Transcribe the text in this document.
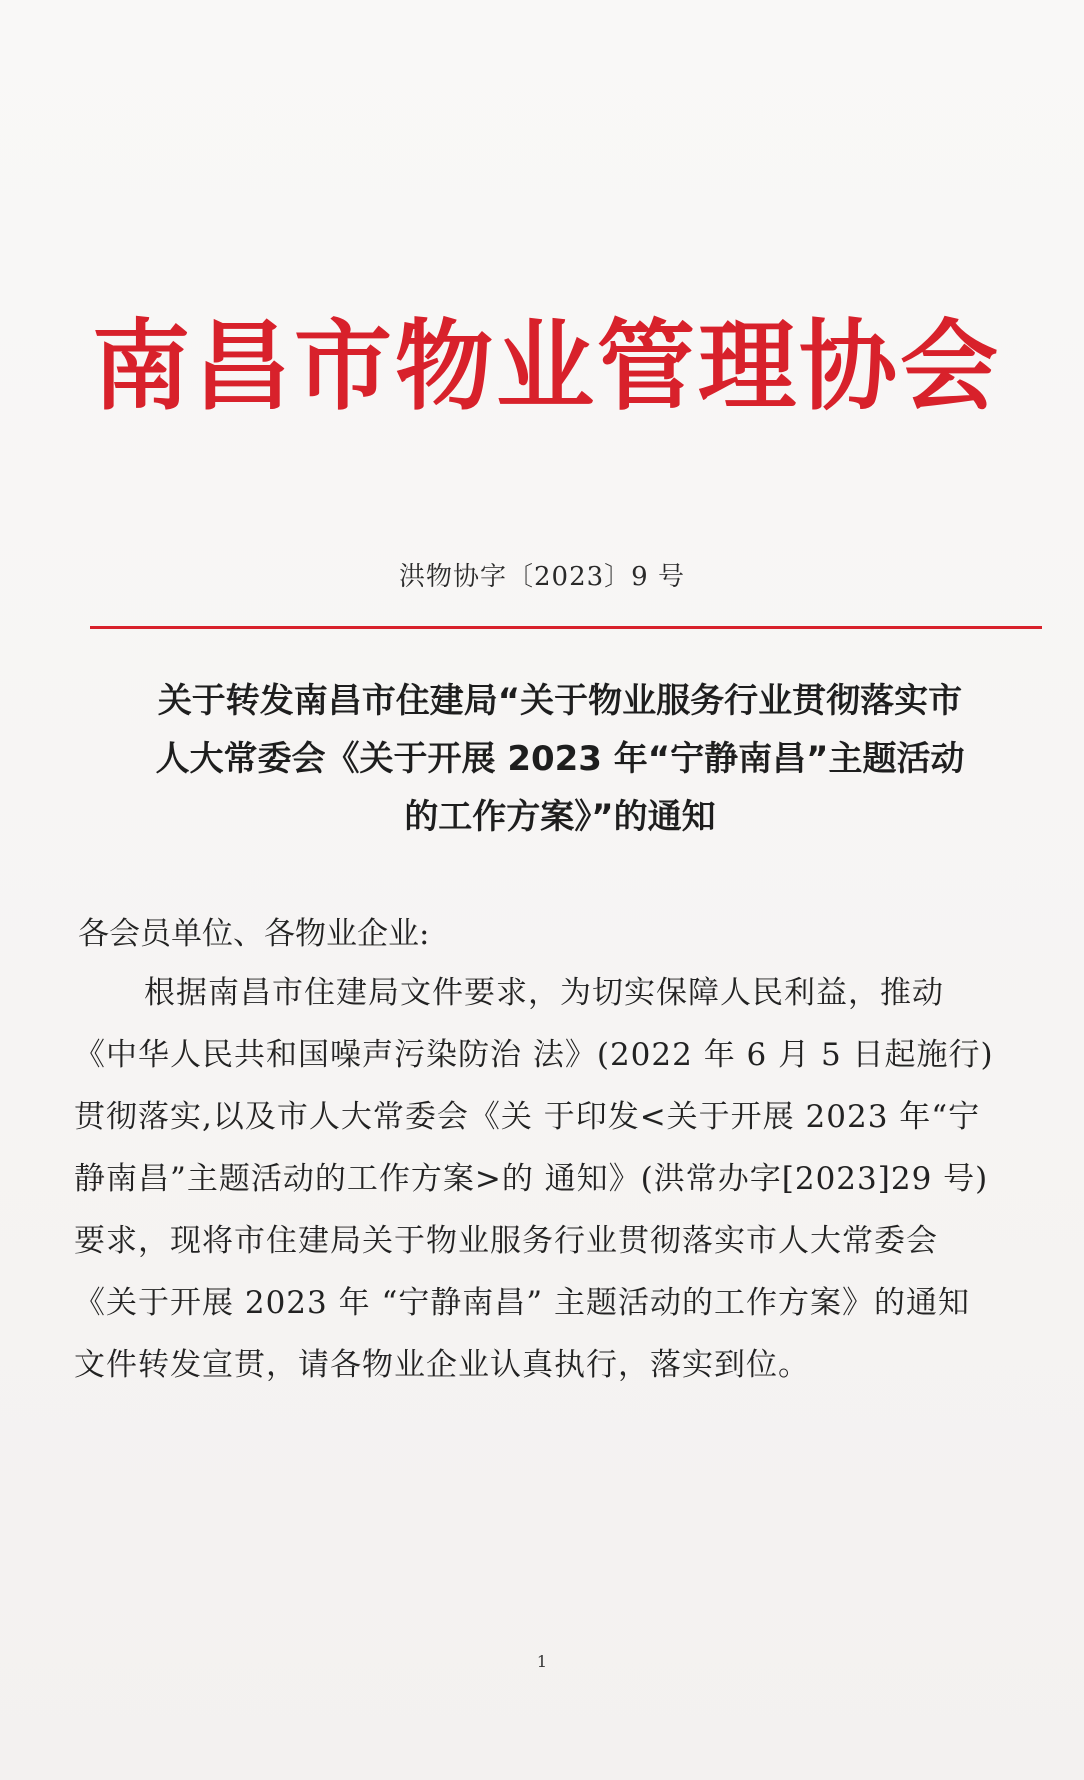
南昌市物业管理协会
洪物协字〔2023〕9 号
关于转发南昌市住建局“关于物业服务行业贯彻落实市
人大常委会《关于开展 2023 年“宁静南昌”主题活动
的工作方案》”的通知
各会员单位、各物业企业:
根据南昌市住建局文件要求，为切实保障人民利益，推动
《中华人民共和国噪声污染防治 法》(2022 年 6 月 5 日起施行)
贯彻落实,以及市人大常委会《关 于印发<关于开展 2023 年“宁
静南昌”主题活动的工作方案>的 通知》(洪常办字[2023]29 号)
要求，现将市住建局关于物业服务行业贯彻落实市人大常委会
《关于开展 2023 年 “宁静南昌” 主题活动的工作方案》的通知
文件转发宣贯，请各物业企业认真执行，落实到位。
1
